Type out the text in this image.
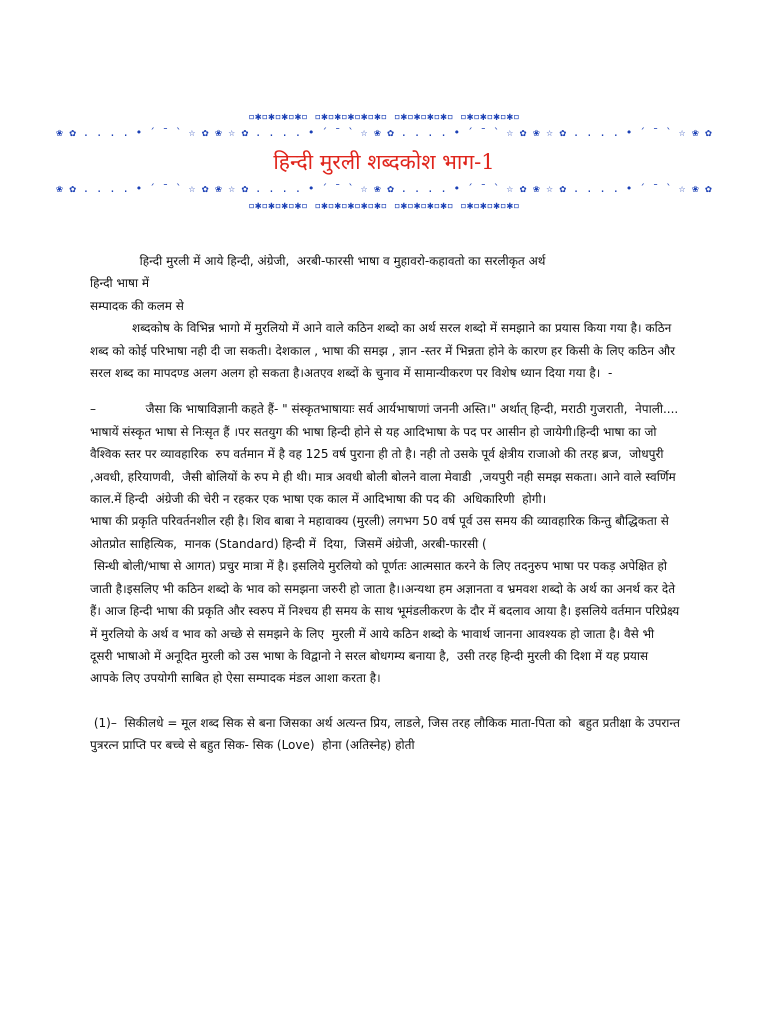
▫✱▫✱▫✱▫✱▫ ▫✱▫✱▫✱▫✱▫✱▫ ▫✱▫✱▫✱▫✱▫ ▫✱▫✱▫✱▫✱▫
❀ ✿ . . . . • ´ ¯ ` ☆ ✿ ❀ ☆ ✿ . . . . • ´ ¯ ` ☆ ❀ ✿ . . . . • ´ ¯ ` ☆ ✿ ❀ ☆ ✿ . . . . • ´ ¯ ` ☆ ❀ ✿
हिन्दी मुरली शब्दकोश भाग-1
❀ ✿ . . . . • ´ ¯ ` ☆ ✿ ❀ ☆ ✿ . . . . • ´ ¯ ` ☆ ❀ ✿ . . . . • ´ ¯ ` ☆ ✿ ❀ ☆ ✿ . . . . • ´ ¯ ` ☆ ❀ ✿
▫✱▫✱▫✱▫✱▫ ▫✱▫✱▫✱▫✱▫✱▫ ▫✱▫✱▫✱▫✱▫ ▫✱▫✱▫✱▫✱▫

हिन्दी मुरली में आये हिन्दी, अंग्रेजी,  अरबी-फारसी भाषा व मुहावरो-कहावतो का सरलीकृत अर्थ

हिन्दी भाषा में

सम्पादक की कलम से

शब्दकोष के विभिन्न भागो में मुरलियो में आने वाले कठिन शब्दो का अर्थ सरल शब्दो में समझाने का प्रयास किया गया है। कठिन शब्द को कोई परिभाषा नही दी जा सकती। देशकाल , भाषा की समझ , ज्ञान -स्तर में भिन्नता होने के कारण हर किसी के लिए कठिन और सरल शब्द का मापदण्ड अलग अलग हो सकता है।अतएव शब्दों के चुनाव में सामान्यीकरण पर विशेष ध्यान दिया गया है।  -

–             जैसा कि भाषाविज्ञानी कहते हैं- " संस्कृतभाषायाः सर्व आर्यभाषाणां जननी अस्ति।" अर्थात् हिन्दी, मराठी गुजराती,  नेपाली.... भाषायें संस्कृत भाषा से निःसृत हैं ।पर सतयुग की भाषा हिन्दी होने से यह आदिभाषा के पद पर आसीन हो जायेगी।हिन्दी भाषा का जो वैश्विक स्तर पर व्यावहारिक  रुप वर्तमान में है वह 125 वर्ष पुराना ही तो है। नही तो उसके पूर्व क्षेत्रीय राजाओ की तरह ब्रज,  जोधपुरी ,अवधी, हरियाणवी,  जैसी बोलियों के रुप मे ही थी। मात्र अवधी बोली बोलने वाला मेवाडी  ,जयपुरी नही समझ सकता। आने वाले स्वर्णिम काल.में हिन्दी  अंग्रेजी की चेरी न रहकर एक भाषा एक काल में आदिभाषा की पद की  अधिकारिणी  होगी।

भाषा की प्रकृति परिवर्तनशील रही है। शिव बाबा ने महावाक्य (मुरली) लगभग 50 वर्ष पूर्व उस समय की व्यावहारिक किन्तु बौद्धिकता से ओतप्रोत साहित्यिक,  मानक (Standard) हिन्दी में  दिया,  जिसमें अंग्रेजी, अरबी-फारसी (

सिन्धी बोली/भाषा से आगत) प्रचुर मात्रा में है। इसलिये मुरलियो को पूर्णतः आत्मसात करने के लिए तदनुरुप भाषा पर पकड़ अपेक्षित हो जाती है।इसलिए भी कठिन शब्दो के भाव को समझना जरुरी हो जाता है।।अन्यथा हम अज्ञानता व भ्रमवश शब्दो के अर्थ का अनर्थ कर देते हैं। आज हिन्दी भाषा की प्रकृति और स्वरुप में निश्चय ही समय के साथ भूमंडलीकरण के दौर में बदलाव आया है। इसलिये वर्तमान परिप्रेक्ष्य में मुरलियो के अर्थ व भाव को अच्छे से समझने के लिए  मुरली में आये कठिन शब्दो के भावार्थ जानना आवश्यक हो जाता है। वैसे भी दूसरी भाषाओ में अनूदित मुरली को उस भाषा के विद्वानो ने सरल बोधगम्य बनाया है,  उसी तरह हिन्दी मुरली की दिशा में यह प्रयास आपके लिए उपयोगी साबित हो ऐसा सम्पादक मंडल आशा करता है।

(1)–  सिकीलधे = मूल शब्द सिक से बना जिसका अर्थ अत्यन्त प्रिय, लाडले, जिस तरह लौकिक माता-पिता को  बहुत प्रतीक्षा के उपरान्त पुत्ररत्न प्राप्ति पर बच्चे से बहुत सिक- सिक (Love)  होना (अतिस्नेह) होती
